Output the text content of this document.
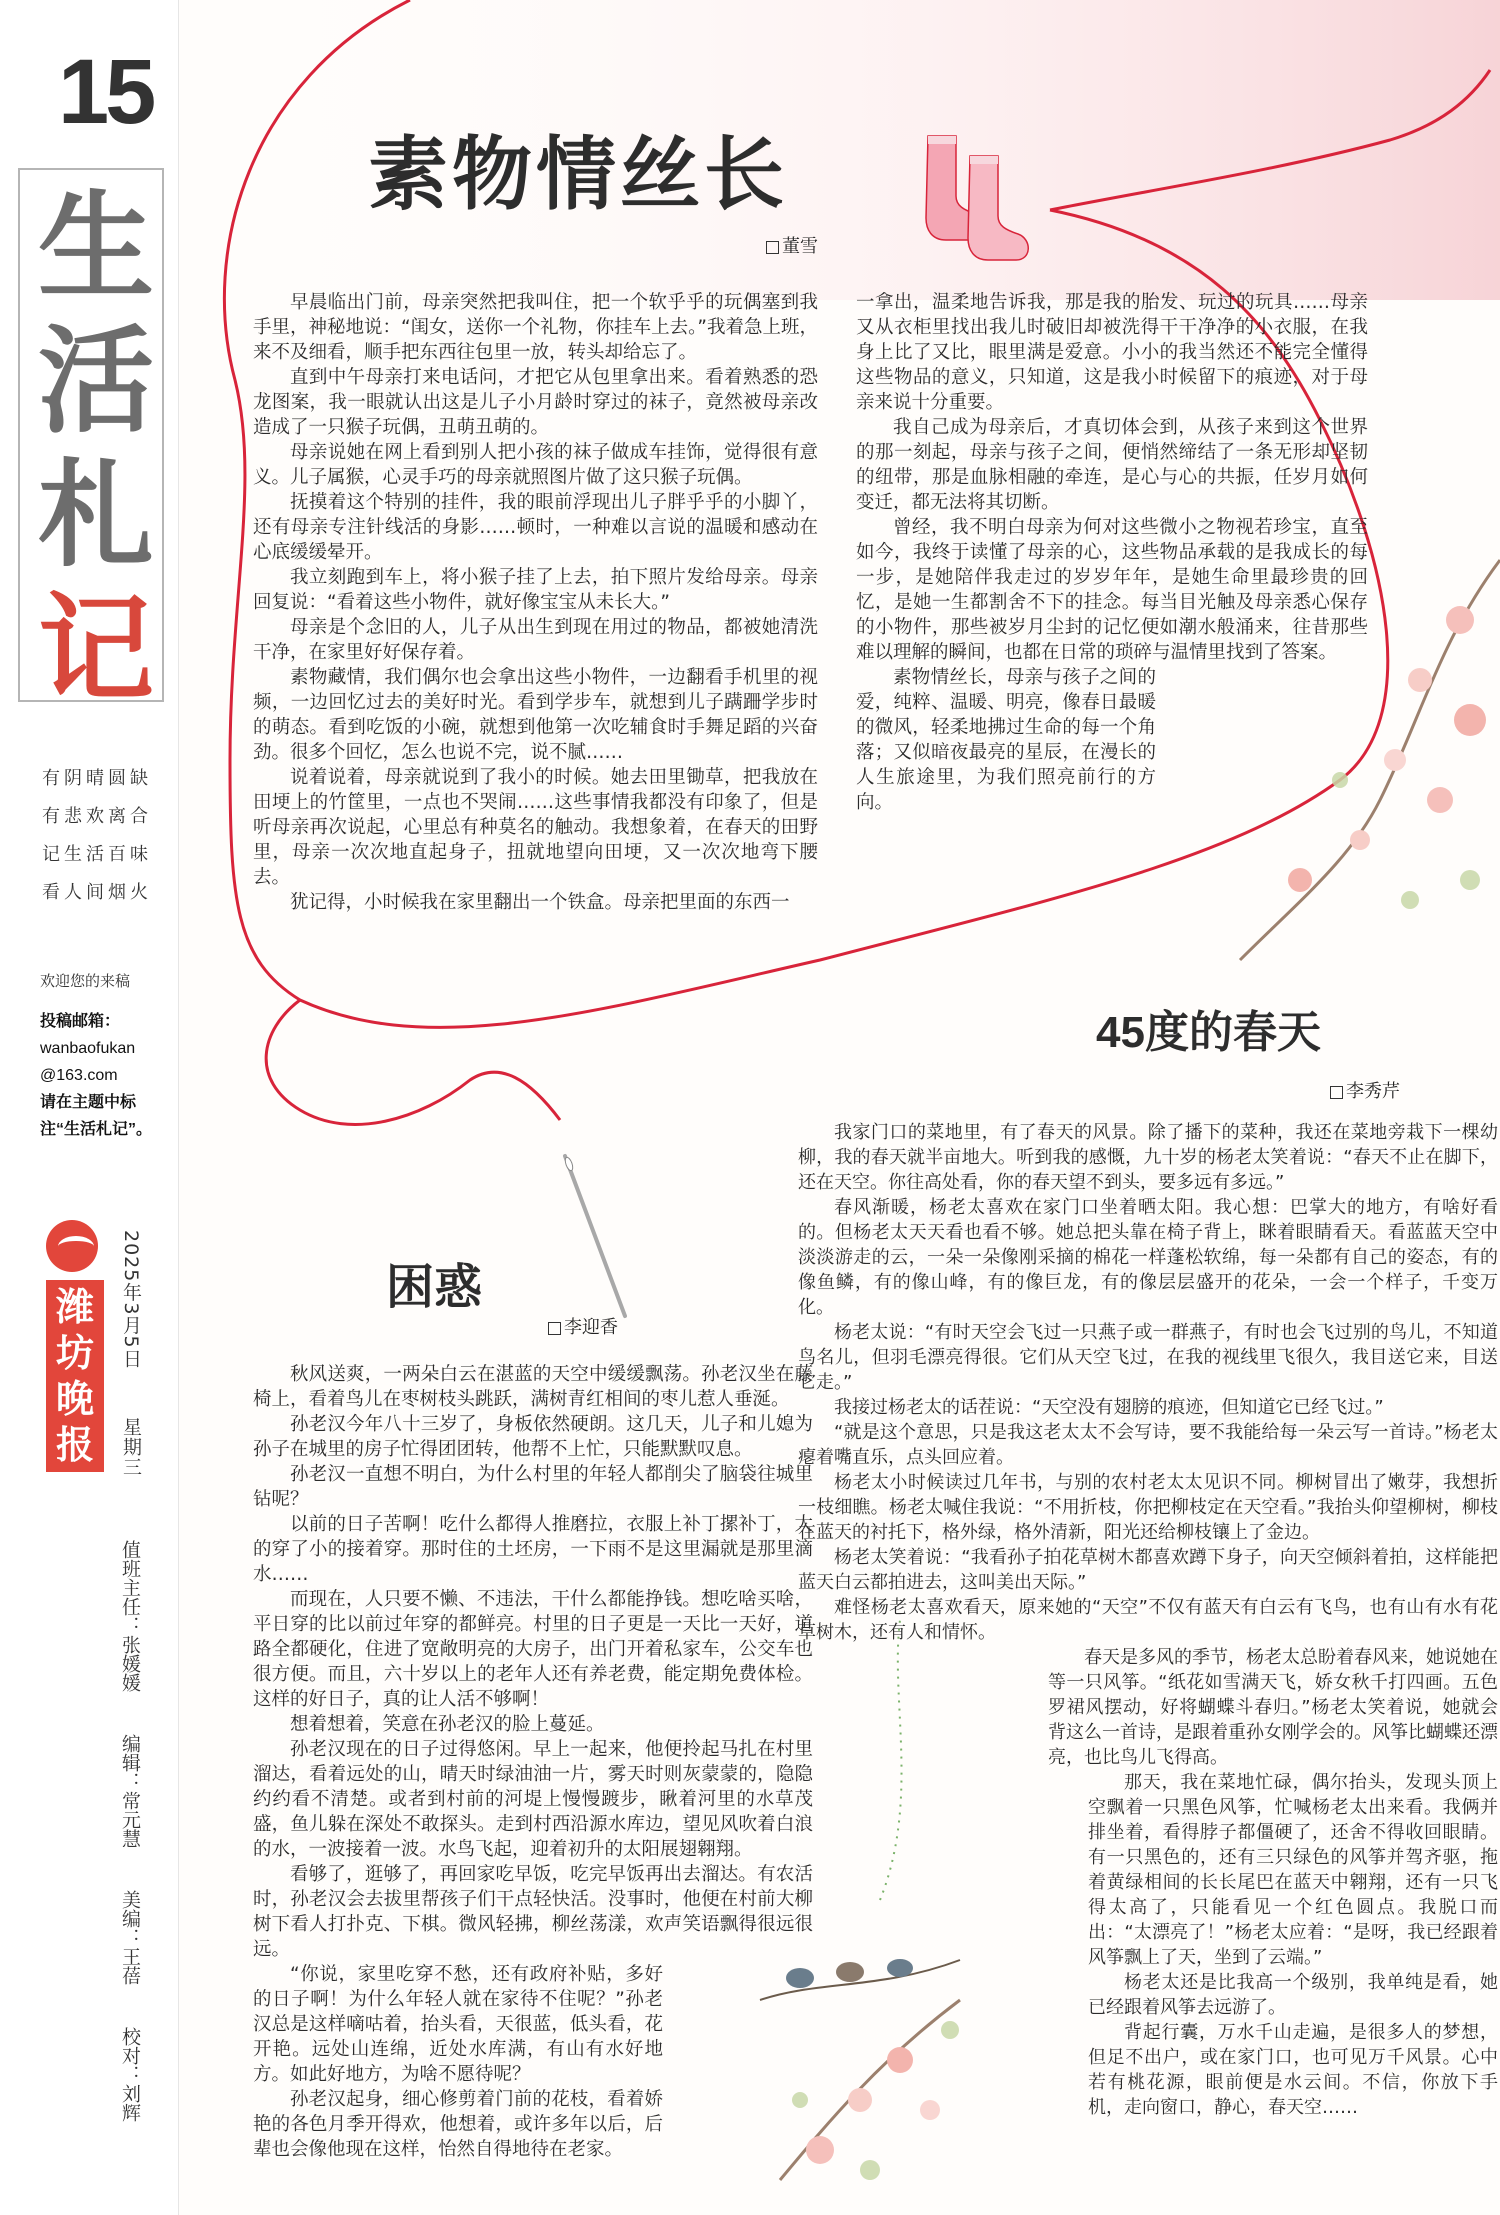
15
生
活
札
记
有阴晴圆缺
有悲欢离合
记生活百味
看人间烟火
欢迎您的来稿
投稿邮箱：
wanbaofukan
@163.com
请在主题中标注“生活札记”。
潍坊晚报
2025年3月5日  星期三
值班主任：张媛媛  编辑：常元慧  美编：王蓓  校对：刘辉
素物情丝长
董雪

早晨临出门前，母亲突然把我叫住，把一个软乎乎的玩偶塞到我手里，神秘地说：“闺女，送你一个礼物，你挂车上去。”我着急上班，来不及细看，顺手把东西往包里一放，转头却给忘了。

直到中午母亲打来电话问，才把它从包里拿出来。看着熟悉的恐龙图案，我一眼就认出这是儿子小月龄时穿过的袜子，竟然被母亲改造成了一只猴子玩偶，丑萌丑萌的。

母亲说她在网上看到别人把小孩的袜子做成车挂饰，觉得很有意义。儿子属猴，心灵手巧的母亲就照图片做了这只猴子玩偶。

抚摸着这个特别的挂件，我的眼前浮现出儿子胖乎乎的小脚丫，还有母亲专注针线活的身影……顿时，一种难以言说的温暖和感动在心底缓缓晕开。

我立刻跑到车上，将小猴子挂了上去，拍下照片发给母亲。母亲回复说：“看着这些小物件，就好像宝宝从未长大。”

母亲是个念旧的人，儿子从出生到现在用过的物品，都被她清洗干净，在家里好好保存着。

素物藏情，我们偶尔也会拿出这些小物件，一边翻看手机里的视频，一边回忆过去的美好时光。看到学步车，就想到儿子蹒跚学步时的萌态。看到吃饭的小碗，就想到他第一次吃辅食时手舞足蹈的兴奋劲。很多个回忆，怎么也说不完，说不腻……

说着说着，母亲就说到了我小的时候。她去田里锄草，把我放在田埂上的竹筐里，一点也不哭闹……这些事情我都没有印象了，但是听母亲再次说起，心里总有种莫名的触动。我想象着，在春天的田野里，母亲一次次地直起身子，扭就地望向田埂，又一次次地弯下腰去。

犹记得，小时候我在家里翻出一个铁盒。母亲把里面的东西一

一拿出，温柔地告诉我，那是我的胎发、玩过的玩具……母亲又从衣柜里找出我儿时破旧却被洗得干干净净的小衣服，在我身上比了又比，眼里满是爱意。小小的我当然还不能完全懂得这些物品的意义，只知道，这是我小时候留下的痕迹，对于母亲来说十分重要。

我自己成为母亲后，才真切体会到，从孩子来到这个世界的那一刻起，母亲与孩子之间，便悄然缔结了一条无形却坚韧的纽带，那是血脉相融的牵连，是心与心的共振，任岁月如何变迁，都无法将其切断。

曾经，我不明白母亲为何对这些微小之物视若珍宝，直至如今，我终于读懂了母亲的心，这些物品承载的是我成长的每一步，是她陪伴我走过的岁岁年年，是她生命里最珍贵的回忆，是她一生都割舍不下的挂念。每当目光触及母亲悉心保存的小物件，那些被岁月尘封的记忆便如潮水般涌来，往昔那些难以理解的瞬间，也都在日常的琐碎与温情里找到了答案。

素物情丝长，母亲与孩子之间的爱，纯粹、温暖、明亮，像春日最暖的微风，轻柔地拂过生命的每一个角落；又似暗夜最亮的星辰，在漫长的人生旅途里，为我们照亮前行的方向。

45度的春天
李秀芹

我家门口的菜地里，有了春天的风景。除了播下的菜种，我还在菜地旁栽下一棵幼柳，我的春天就半亩地大。听到我的感慨，九十岁的杨老太笑着说：“春天不止在脚下，还在天空。你往高处看，你的春天望不到头，要多远有多远。”

春风渐暖，杨老太喜欢在家门口坐着晒太阳。我心想：巴掌大的地方，有啥好看的。但杨老太天天看也看不够。她总把头靠在椅子背上，眯着眼睛看天。看蓝蓝天空中淡淡游走的云，一朵一朵像刚采摘的棉花一样蓬松软绵，每一朵都有自己的姿态，有的像鱼鳞，有的像山峰，有的像巨龙，有的像层层盛开的花朵，一会一个样子，千变万化。

杨老太说：“有时天空会飞过一只燕子或一群燕子，有时也会飞过别的鸟儿，不知道鸟名儿，但羽毛漂亮得很。它们从天空飞过，在我的视线里飞很久，我目送它来，目送它走。”

我接过杨老太的话茬说：“天空没有翅膀的痕迹，但知道它已经飞过。”

“就是这个意思，只是我这老太太不会写诗，要不我能给每一朵云写一首诗。”杨老太瘪着嘴直乐，点头回应着。

杨老太小时候读过几年书，与别的农村老太太见识不同。柳树冒出了嫩芽，我想折一枝细瞧。杨老太喊住我说：“不用折枝，你把柳枝定在天空看。”我抬头仰望柳树，柳枝在蓝天的衬托下，格外绿，格外清新，阳光还给柳枝镶上了金边。

杨老太笑着说：“我看孙子拍花草树木都喜欢蹲下身子，向天空倾斜着拍，这样能把蓝天白云都拍进去，这叫美出天际。”

难怪杨老太喜欢看天，原来她的“天空”不仅有蓝天有白云有飞鸟，也有山有水有花草树木，还有人和情怀。

春天是多风的季节，杨老太总盼着春风来，她说她在等一只风筝。“纸花如雪满天飞，娇女秋千打四画。五色罗裙风摆动，好将蝴蝶斗春归。”杨老太笑着说，她就会背这么一首诗，是跟着重孙女刚学会的。风筝比蝴蝶还漂亮，也比鸟儿飞得高。

那天，我在菜地忙碌，偶尔抬头，发现头顶上空飘着一只黑色风筝，忙喊杨老太出来看。我俩并排坐着，看得脖子都僵硬了，还舍不得收回眼睛。有一只黑色的，还有三只绿色的风筝并驾齐驱，拖着黄绿相间的长长尾巴在蓝天中翱翔，还有一只飞得太高了，只能看见一个红色圆点。我脱口而出：“太漂亮了！”杨老太应着：“是呀，我已经跟着风筝飘上了天，坐到了云端。”

杨老太还是比我高一个级别，我单纯是看，她已经跟着风筝去远游了。

背起行囊，万水千山走遍，是很多人的梦想，但足不出户，或在家门口，也可见万千风景。心中若有桃花源，眼前便是水云间。不信，你放下手机，走向窗口，静心，春天空……

困惑
李迎香

秋风送爽，一两朵白云在湛蓝的天空中缓缓飘荡。孙老汉坐在藤椅上，看着鸟儿在枣树枝头跳跃，满树青红相间的枣儿惹人垂涎。

孙老汉今年八十三岁了，身板依然硬朗。这几天，儿子和儿媳为孙子在城里的房子忙得团团转，他帮不上忙，只能默默叹息。

孙老汉一直想不明白，为什么村里的年轻人都削尖了脑袋往城里钻呢？

以前的日子苦啊！吃什么都得人推磨拉，衣服上补丁摞补丁，大的穿了小的接着穿。那时住的土坯房，一下雨不是这里漏就是那里滴水……

而现在，人只要不懒、不违法，干什么都能挣钱。想吃啥买啥，平日穿的比以前过年穿的都鲜亮。村里的日子更是一天比一天好，道路全都硬化，住进了宽敞明亮的大房子，出门开着私家车，公交车也很方便。而且，六十岁以上的老年人还有养老费，能定期免费体检。这样的好日子，真的让人活不够啊！

想着想着，笑意在孙老汉的脸上蔓延。

孙老汉现在的日子过得悠闲。早上一起来，他便拎起马扎在村里溜达，看着远处的山，晴天时绿油油一片，雾天时则灰蒙蒙的，隐隐约约看不清楚。或者到村前的河堤上慢慢踱步，瞅着河里的水草茂盛，鱼儿躲在深处不敢探头。走到村西沿源水库边，望见风吹着白浪的水，一波接着一波。水鸟飞起，迎着初升的太阳展翅翱翔。

看够了，逛够了，再回家吃早饭，吃完早饭再出去溜达。有农活时，孙老汉会去拔里帮孩子们干点轻快活。没事时，他便在村前大柳树下看人打扑克、下棋。微风轻拂，柳丝荡漾，欢声笑语飘得很远很远。

“你说，家里吃穿不愁，还有政府补贴，多好的日子啊！为什么年轻人就在家待不住呢？”孙老汉总是这样嘀咕着，抬头看，天很蓝，低头看，花开艳。远处山连绵，近处水库满，有山有水好地方。如此好地方，为啥不愿待呢？

孙老汉起身，细心修剪着门前的花枝，看着娇艳的各色月季开得欢，他想着，或许多年以后，后辈也会像他现在这样，怡然自得地待在老家。
